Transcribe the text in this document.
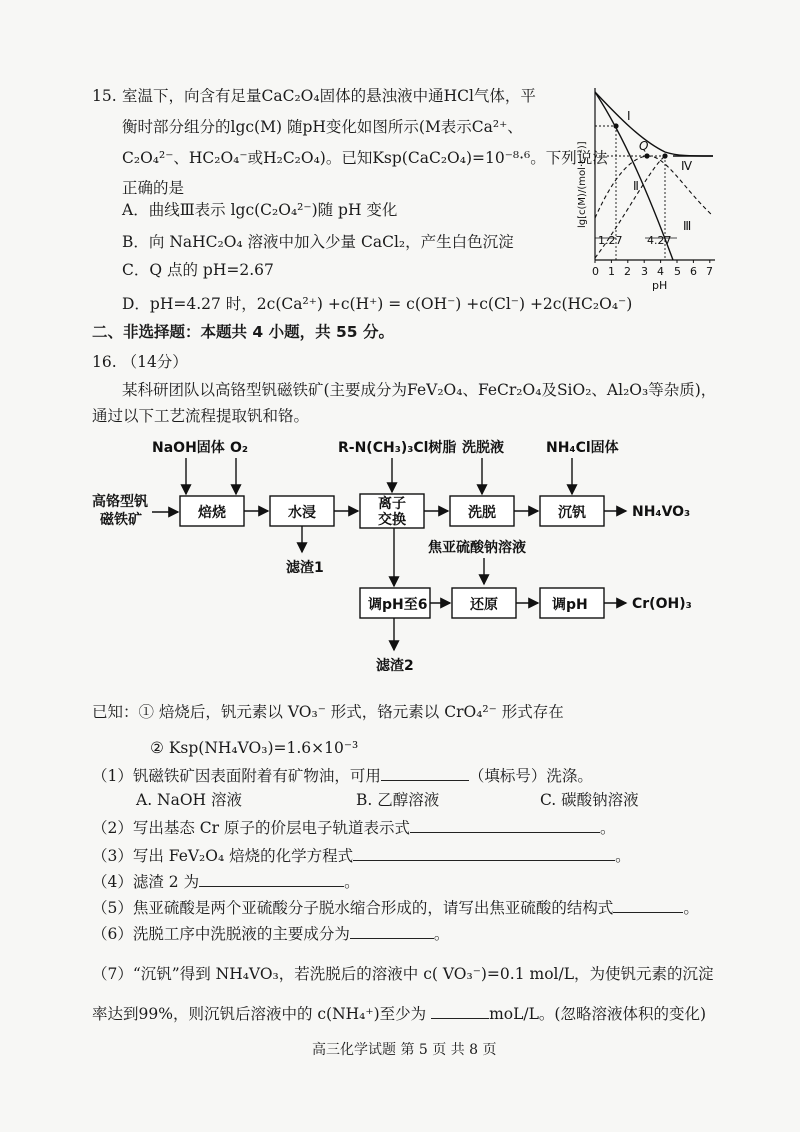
15. 室温下，向含有足量CaC₂O₄固体的悬浊液中通HCl气体，平
衡时部分组分的lgc(M) 随pH变化如图所示(M表示Ca²⁺、
C₂O₄²⁻、HC₂O₄⁻或H₂C₂O₄)。已知Ksp(CaC₂O₄)=10⁻⁸·⁶。下列说法
正确的是
A．曲线Ⅲ表示 lgc(C₂O₄²⁻)随 pH 变化
B．向 NaHC₂O₄ 溶液中加入少量 CaCl₂，产生白色沉淀
C．Q 点的 pH=2.67
D．pH=4.27 时，2c(Ca²⁺) +c(H⁺) = c(OH⁻) +c(Cl⁻) +2c(HC₂O₄⁻)
lg[c(M)/(mol·L⁻¹)]
0 1 2 3 4 5 6 7
pH
Ⅰ
Q
Ⅱ
Ⅳ
Ⅲ
1.27 4.27
二、非选择题：本题共 4 小题，共 55 分。
16. （14分）
某科研团队以高铬型钒磁铁矿(主要成分为FeV₂O₄、FeCr₂O₄及SiO₂、Al₂O₃等杂质)，
通过以下工艺流程提取钒和铬。
NaOH固体 O₂	R-N(CH₃)₃Cl树脂 洗脱液	NH₄Cl固体
高铬型钒
磁铁矿	焙烧	水浸
离子
交换	洗脱	沉钒	NH₄VO₃
滤渣1
焦亚硫酸钠溶液
调pH至6	还原	调pH	Cr(OH)₃
滤渣2
已知：① 焙烧后，钒元素以 VO₃⁻ 形式，铬元素以 CrO₄²⁻ 形式存在
② Ksp(NH₄VO₃)=1.6×10⁻³
（1）钒磁铁矿因表面附着有矿物油，可用	（填标号）洗涤。
A. NaOH 溶液	B. 乙醇溶液	C. 碳酸钠溶液
（2）写出基态 Cr 原子的价层电子轨道表示式	。
（3）写出 FeV₂O₄ 焙烧的化学方程式	。
（4）滤渣 2 为	。
（5）焦亚硫酸是两个亚硫酸分子脱水缩合形成的，请写出焦亚硫酸的结构式	。
（6）洗脱工序中洗脱液的主要成分为	。
（7）“沉钒”得到 NH₄VO₃，若洗脱后的溶液中 c( VO₃⁻)=0.1 mol/L，为使钒元素的沉淀
率达到99%，则沉钒后溶液中的 c(NH₄⁺)至少为	moL/L。(忽略溶液体积的变化)
高三化学试题 第 5 页 共 8 页
